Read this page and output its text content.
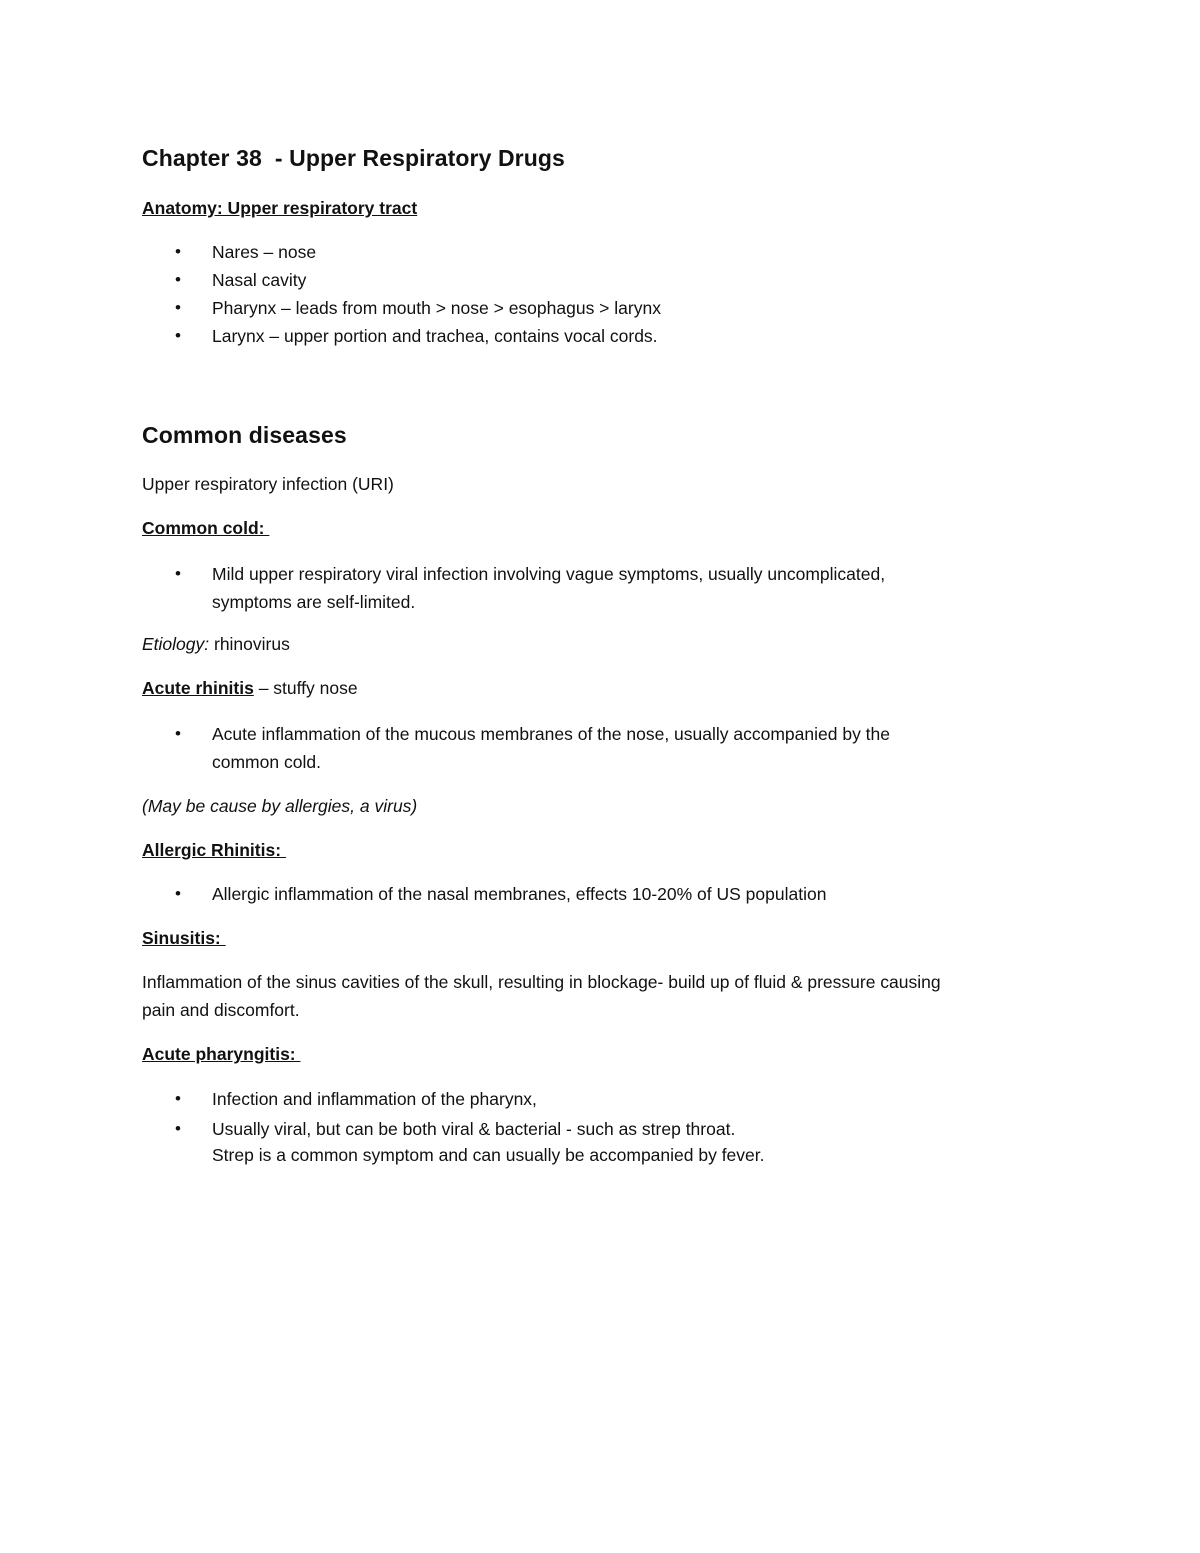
Chapter 38  - Upper Respiratory Drugs
Anatomy: Upper respiratory tract
• Nares – nose
• Nasal cavity
• Pharynx – leads from mouth > nose > esophagus > larynx
• Larynx – upper portion and trachea, contains vocal cords.
Common diseases
Upper respiratory infection (URI)
Common cold:
• Mild upper respiratory viral infection involving vague symptoms, usually uncomplicated,
symptoms are self-limited.
Etiology: rhinovirus
Acute rhinitis – stuffy nose
• Acute inflammation of the mucous membranes of the nose, usually accompanied by the
common cold.
(May be cause by allergies, a virus)
Allergic Rhinitis:
• Allergic inflammation of the nasal membranes, effects 10-20% of US population
Sinusitis:
Inflammation of the sinus cavities of the skull, resulting in blockage- build up of fluid & pressure causing
pain and discomfort.
Acute pharyngitis:
• Infection and inflammation of the pharynx,
• Usually viral, but can be both viral & bacterial - such as strep throat.
Strep is a common symptom and can usually be accompanied by fever.
